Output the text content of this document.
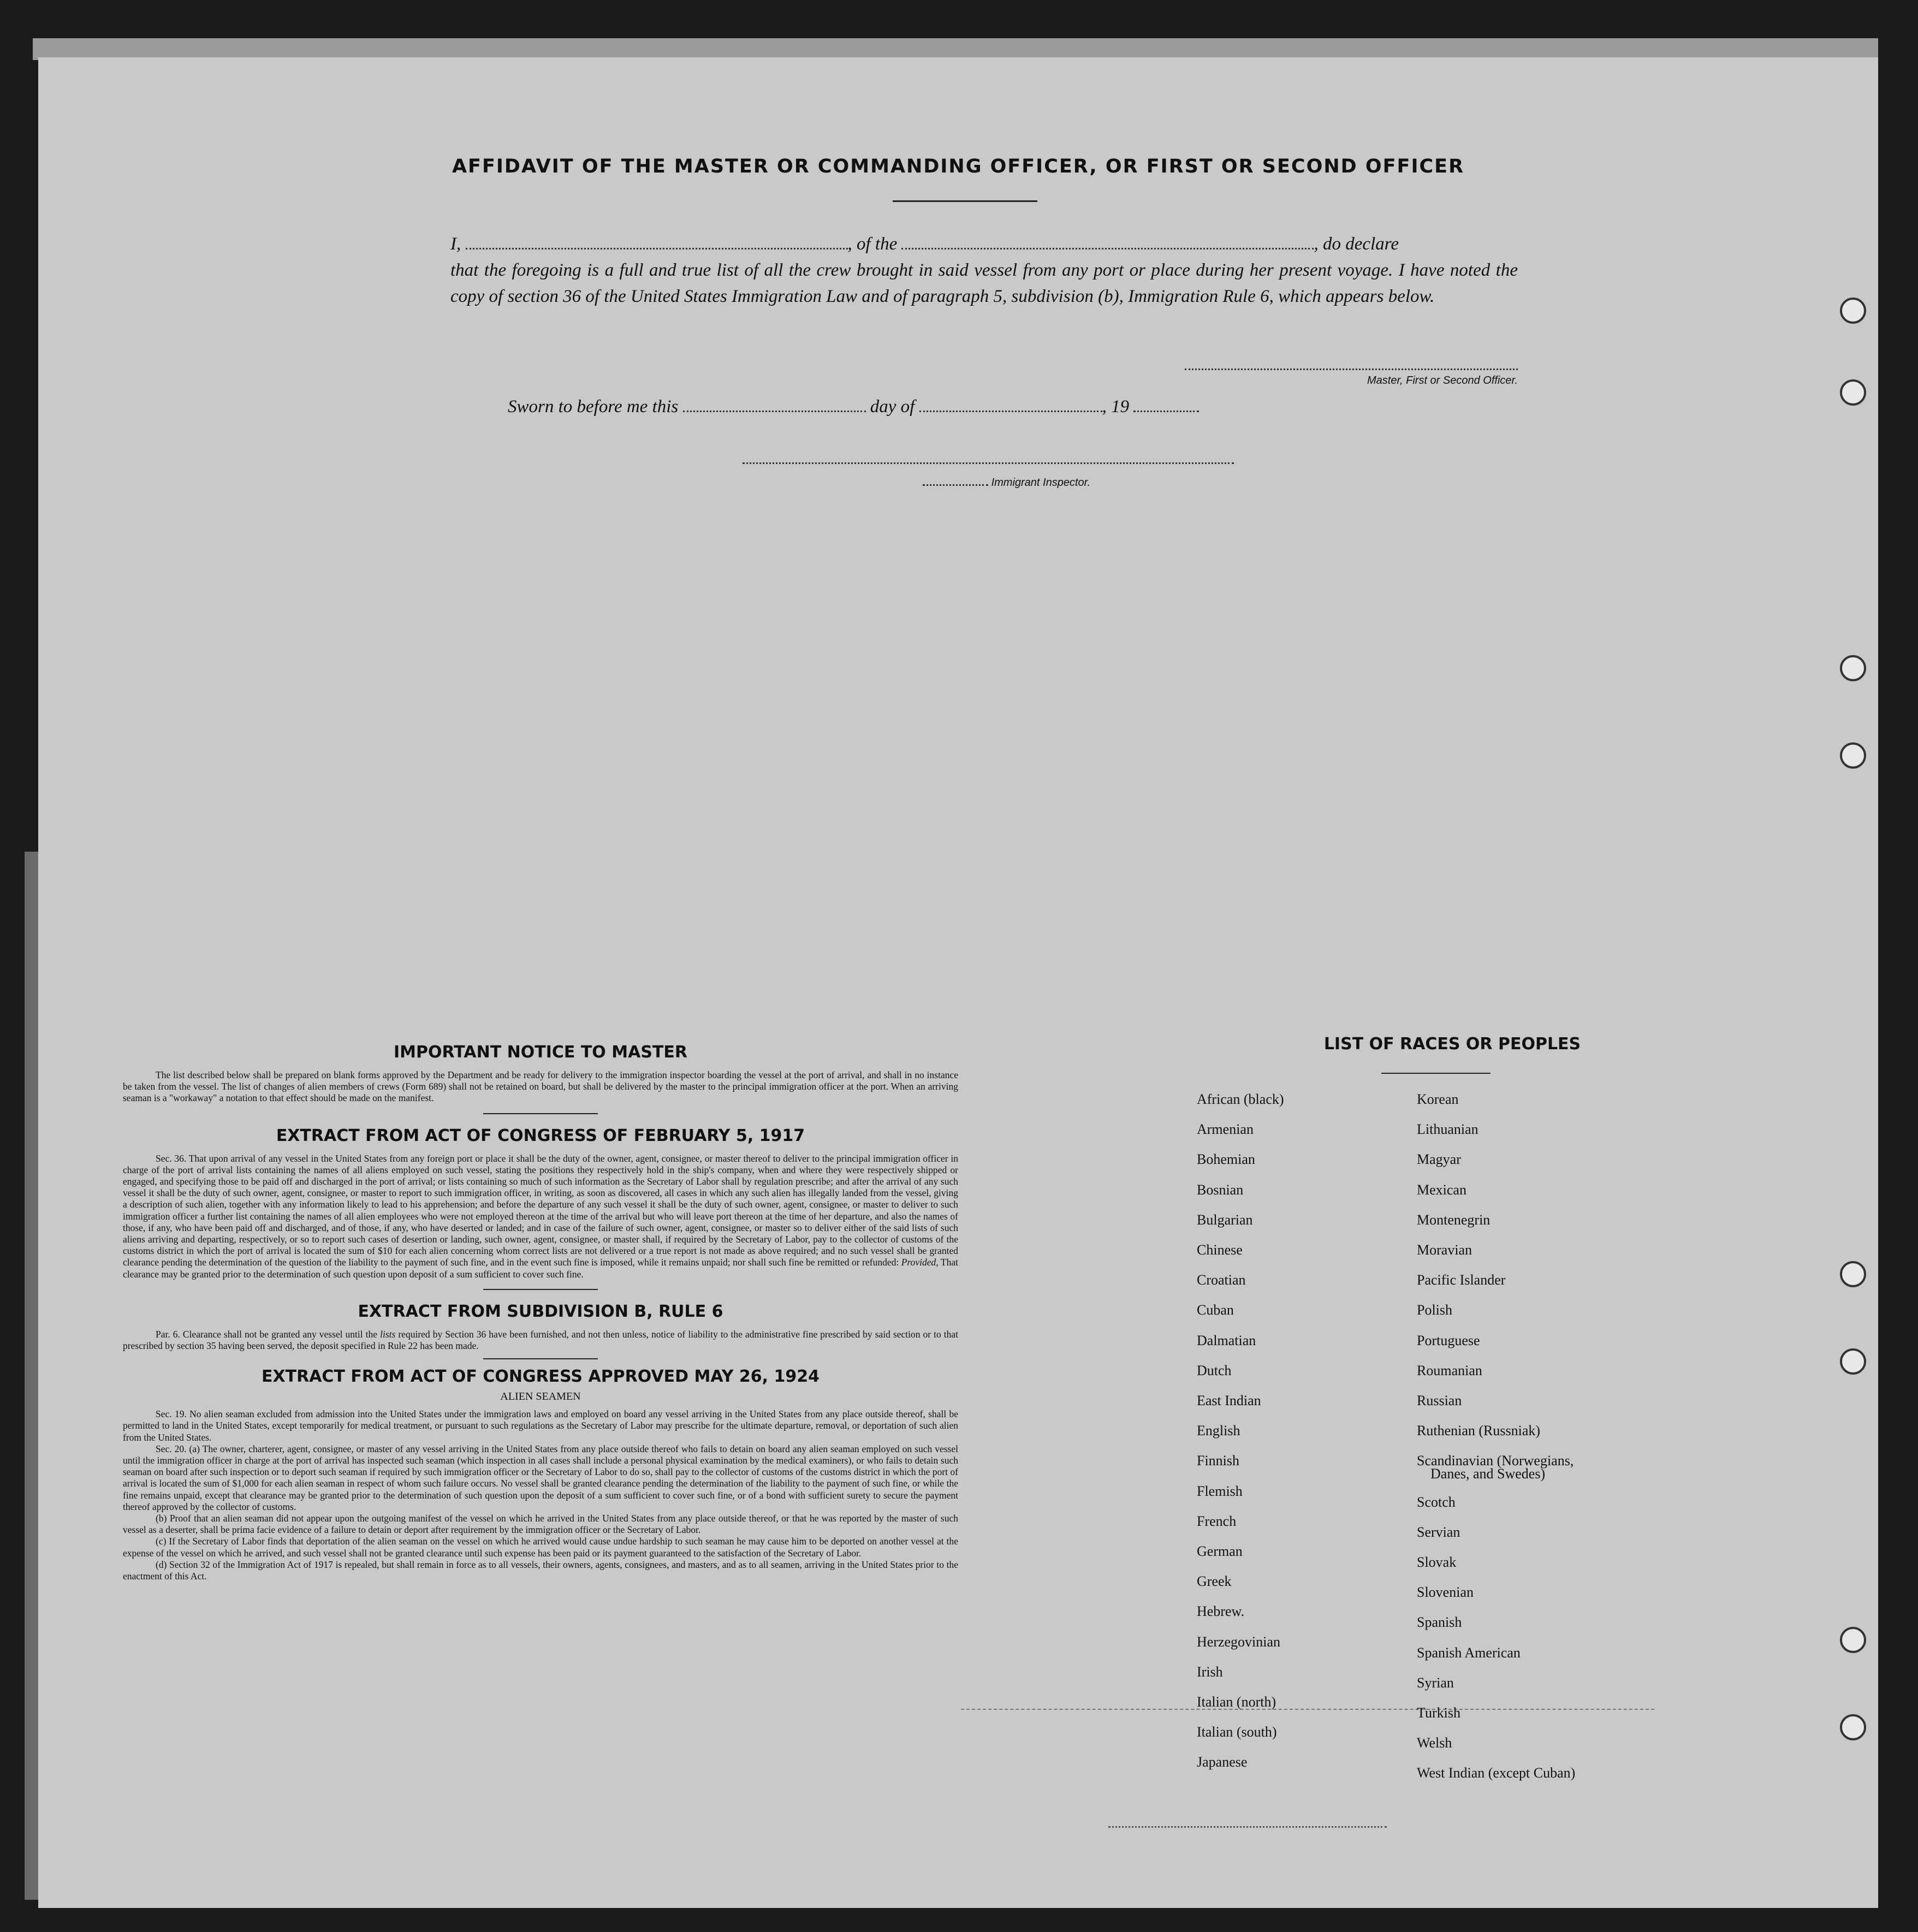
AFFIDAVIT OF THE MASTER OR COMMANDING OFFICER, OR FIRST OR SECOND OFFICER
I,	, of the	, do declare
that the foregoing is a full and true list of all the crew brought in said vessel from any port or place during her present voyage. I have noted the copy of section 36 of the United States Immigration Law and of paragraph 5, subdivision (b), Immigration Rule 6, which appears below.
Master, First or Second Officer.
Sworn to before me this	day of	, 19
Immigrant Inspector.
IMPORTANT NOTICE TO MASTER

The list described below shall be prepared on blank forms approved by the Department and be ready for delivery to the immigration inspector boarding the vessel at the port of arrival, and shall in no instance be taken from the vessel. The list of changes of alien members of crews (Form 689) shall not be retained on board, but shall be delivered by the master to the principal immigration officer at the port. When an arriving seaman is a "workaway" a notation to that effect should be made on the manifest.

EXTRACT FROM ACT OF CONGRESS OF FEBRUARY 5, 1917

Sec. 36. That upon arrival of any vessel in the United States from any foreign port or place it shall be the duty of the owner, agent, consignee, or master thereof to deliver to the principal immigration officer in charge of the port of arrival lists containing the names of all aliens employed on such vessel, stating the positions they respectively hold in the ship's company, when and where they were respectively shipped or engaged, and specifying those to be paid off and discharged in the port of arrival; or lists containing so much of such information as the Secretary of Labor shall by regulation prescribe; and after the arrival of any such vessel it shall be the duty of such owner, agent, consignee, or master to report to such immigration officer, in writing, as soon as discovered, all cases in which any such alien has illegally landed from the vessel, giving a description of such alien, together with any information likely to lead to his apprehension; and before the departure of any such vessel it shall be the duty of such owner, agent, consignee, or master to deliver to such immigration officer a further list containing the names of all alien employees who were not employed thereon at the time of the arrival but who will leave port thereon at the time of her departure, and also the names of those, if any, who have been paid off and discharged, and of those, if any, who have deserted or landed; and in case of the failure of such owner, agent, consignee, or master so to deliver either of the said lists of such aliens arriving and departing, respectively, or so to report such cases of desertion or landing, such owner, agent, consignee, or master shall, if required by the Secretary of Labor, pay to the collector of customs of the customs district in which the port of arrival is located the sum of $10 for each alien concerning whom correct lists are not delivered or a true report is not made as above required; and no such vessel shall be granted clearance pending the determination of the question of the liability to the payment of such fine, and in the event such fine is imposed, while it remains unpaid; nor shall such fine be remitted or refunded: Provided, That clearance may be granted prior to the determination of such question upon deposit of a sum sufficient to cover such fine.

EXTRACT FROM SUBDIVISION B, RULE 6

Par. 6. Clearance shall not be granted any vessel until the lists required by Section 36 have been furnished, and not then unless, notice of liability to the administrative fine prescribed by said section or to that prescribed by section 35 having been served, the deposit specified in Rule 22 has been made.

EXTRACT FROM ACT OF CONGRESS APPROVED MAY 26, 1924
ALIEN SEAMEN

Sec. 19. No alien seaman excluded from admission into the United States under the immigration laws and employed on board any vessel arriving in the United States from any place outside thereof, shall be permitted to land in the United States, except temporarily for medical treatment, or pursuant to such regulations as the Secretary of Labor may prescribe for the ultimate departure, removal, or deportation of such alien from the United States.

Sec. 20. (a) The owner, charterer, agent, consignee, or master of any vessel arriving in the United States from any place outside thereof who fails to detain on board any alien seaman employed on such vessel until the immigration officer in charge at the port of arrival has inspected such seaman (which inspection in all cases shall include a personal physical examination by the medical examiners), or who fails to detain such seaman on board after such inspection or to deport such seaman if required by such immigration officer or the Secretary of Labor to do so, shall pay to the collector of customs of the customs district in which the port of arrival is located the sum of $1,000 for each alien seaman in respect of whom such failure occurs. No vessel shall be granted clearance pending the determination of the liability to the payment of such fine, or while the fine remains unpaid, except that clearance may be granted prior to the determination of such question upon the deposit of a sum sufficient to cover such fine, or of a bond with sufficient surety to secure the payment thereof approved by the collector of customs.

(b) Proof that an alien seaman did not appear upon the outgoing manifest of the vessel on which he arrived in the United States from any place outside thereof, or that he was reported by the master of such vessel as a deserter, shall be prima facie evidence of a failure to detain or deport after requirement by the immigration officer or the Secretary of Labor.

(c) If the Secretary of Labor finds that deportation of the alien seaman on the vessel on which he arrived would cause undue hardship to such seaman he may cause him to be deported on another vessel at the expense of the vessel on which he arrived, and such vessel shall not be granted clearance until such expense has been paid or its payment guaranteed to the satisfaction of the Secretary of Labor.

(d) Section 32 of the Immigration Act of 1917 is repealed, but shall remain in force as to all vessels, their owners, agents, consignees, and masters, and as to all seamen, arriving in the United States prior to the enactment of this Act.

LIST OF RACES OR PEOPLES
African (black)
Armenian
Bohemian
Bosnian
Bulgarian
Chinese
Croatian
Cuban
Dalmatian
Dutch
East Indian
English
Finnish
Flemish
French
German
Greek
Hebrew.
Herzegovinian
Irish
Italian (north)
Italian (south)
Japanese
Korean
Lithuanian
Magyar
Mexican
Montenegrin
Moravian
Pacific Islander
Polish
Portuguese
Roumanian
Russian
Ruthenian (Russniak)
Scandinavian (Norwegians,
Danes, and Swedes)
Scotch
Servian
Slovak
Slovenian
Spanish
Spanish American
Syrian
Turkish
Welsh
West Indian (except Cuban)
